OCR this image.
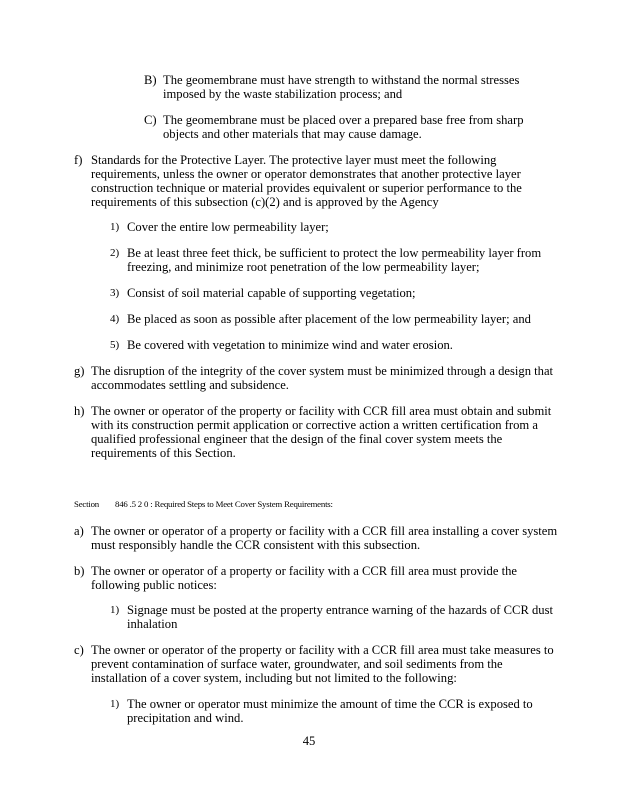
B) The geomembrane must have strength to withstand the normal stresses

imposed by the waste stabilization process; and

C) The geomembrane must be placed over a prepared base free from sharp

objects and other materials that may cause damage.

f) Standards for the Protective Layer. The protective layer must meet the following

requirements, unless the owner or operator demonstrates that another protective layer

construction technique or material provides equivalent or superior performance to the

requirements of this subsection (c)(2) and is approved by the Agency

1) Cover the entire low permeability layer;

2) Be at least three feet thick, be sufficient to protect the low permeability layer from

freezing, and minimize root penetration of the low permeability layer;

3) Consist of soil material capable of supporting vegetation;

4) Be placed as soon as possible after placement of the low permeability layer; and

5) Be covered with vegetation to minimize wind and water erosion.

g) The disruption of the integrity of the cover system must be minimized through a design that

accommodates settling and subsidence.

h) The owner or operator of the property or facility with CCR fill area must obtain and submit

with its construction permit application or corrective action a written certification from a

qualified professional engineer that the design of the final cover system meets the

requirements of this Section.

Section 846 .5 2 0 : Required Steps to Meet Cover System Requirements:
a) The owner or operator of a property or facility with a CCR fill area installing a cover system

must responsibly handle the CCR consistent with this subsection.

b) The owner or operator of a property or facility with a CCR fill area must provide the

following public notices:

1) Signage must be posted at the property entrance warning of the hazards of CCR dust

inhalation

c) The owner or operator of the property or facility with a CCR fill area must take measures to

prevent contamination of surface water, groundwater, and soil sediments from the

installation of a cover system, including but not limited to the following:

1) The owner or operator must minimize the amount of time the CCR is exposed to

precipitation and wind.

45
